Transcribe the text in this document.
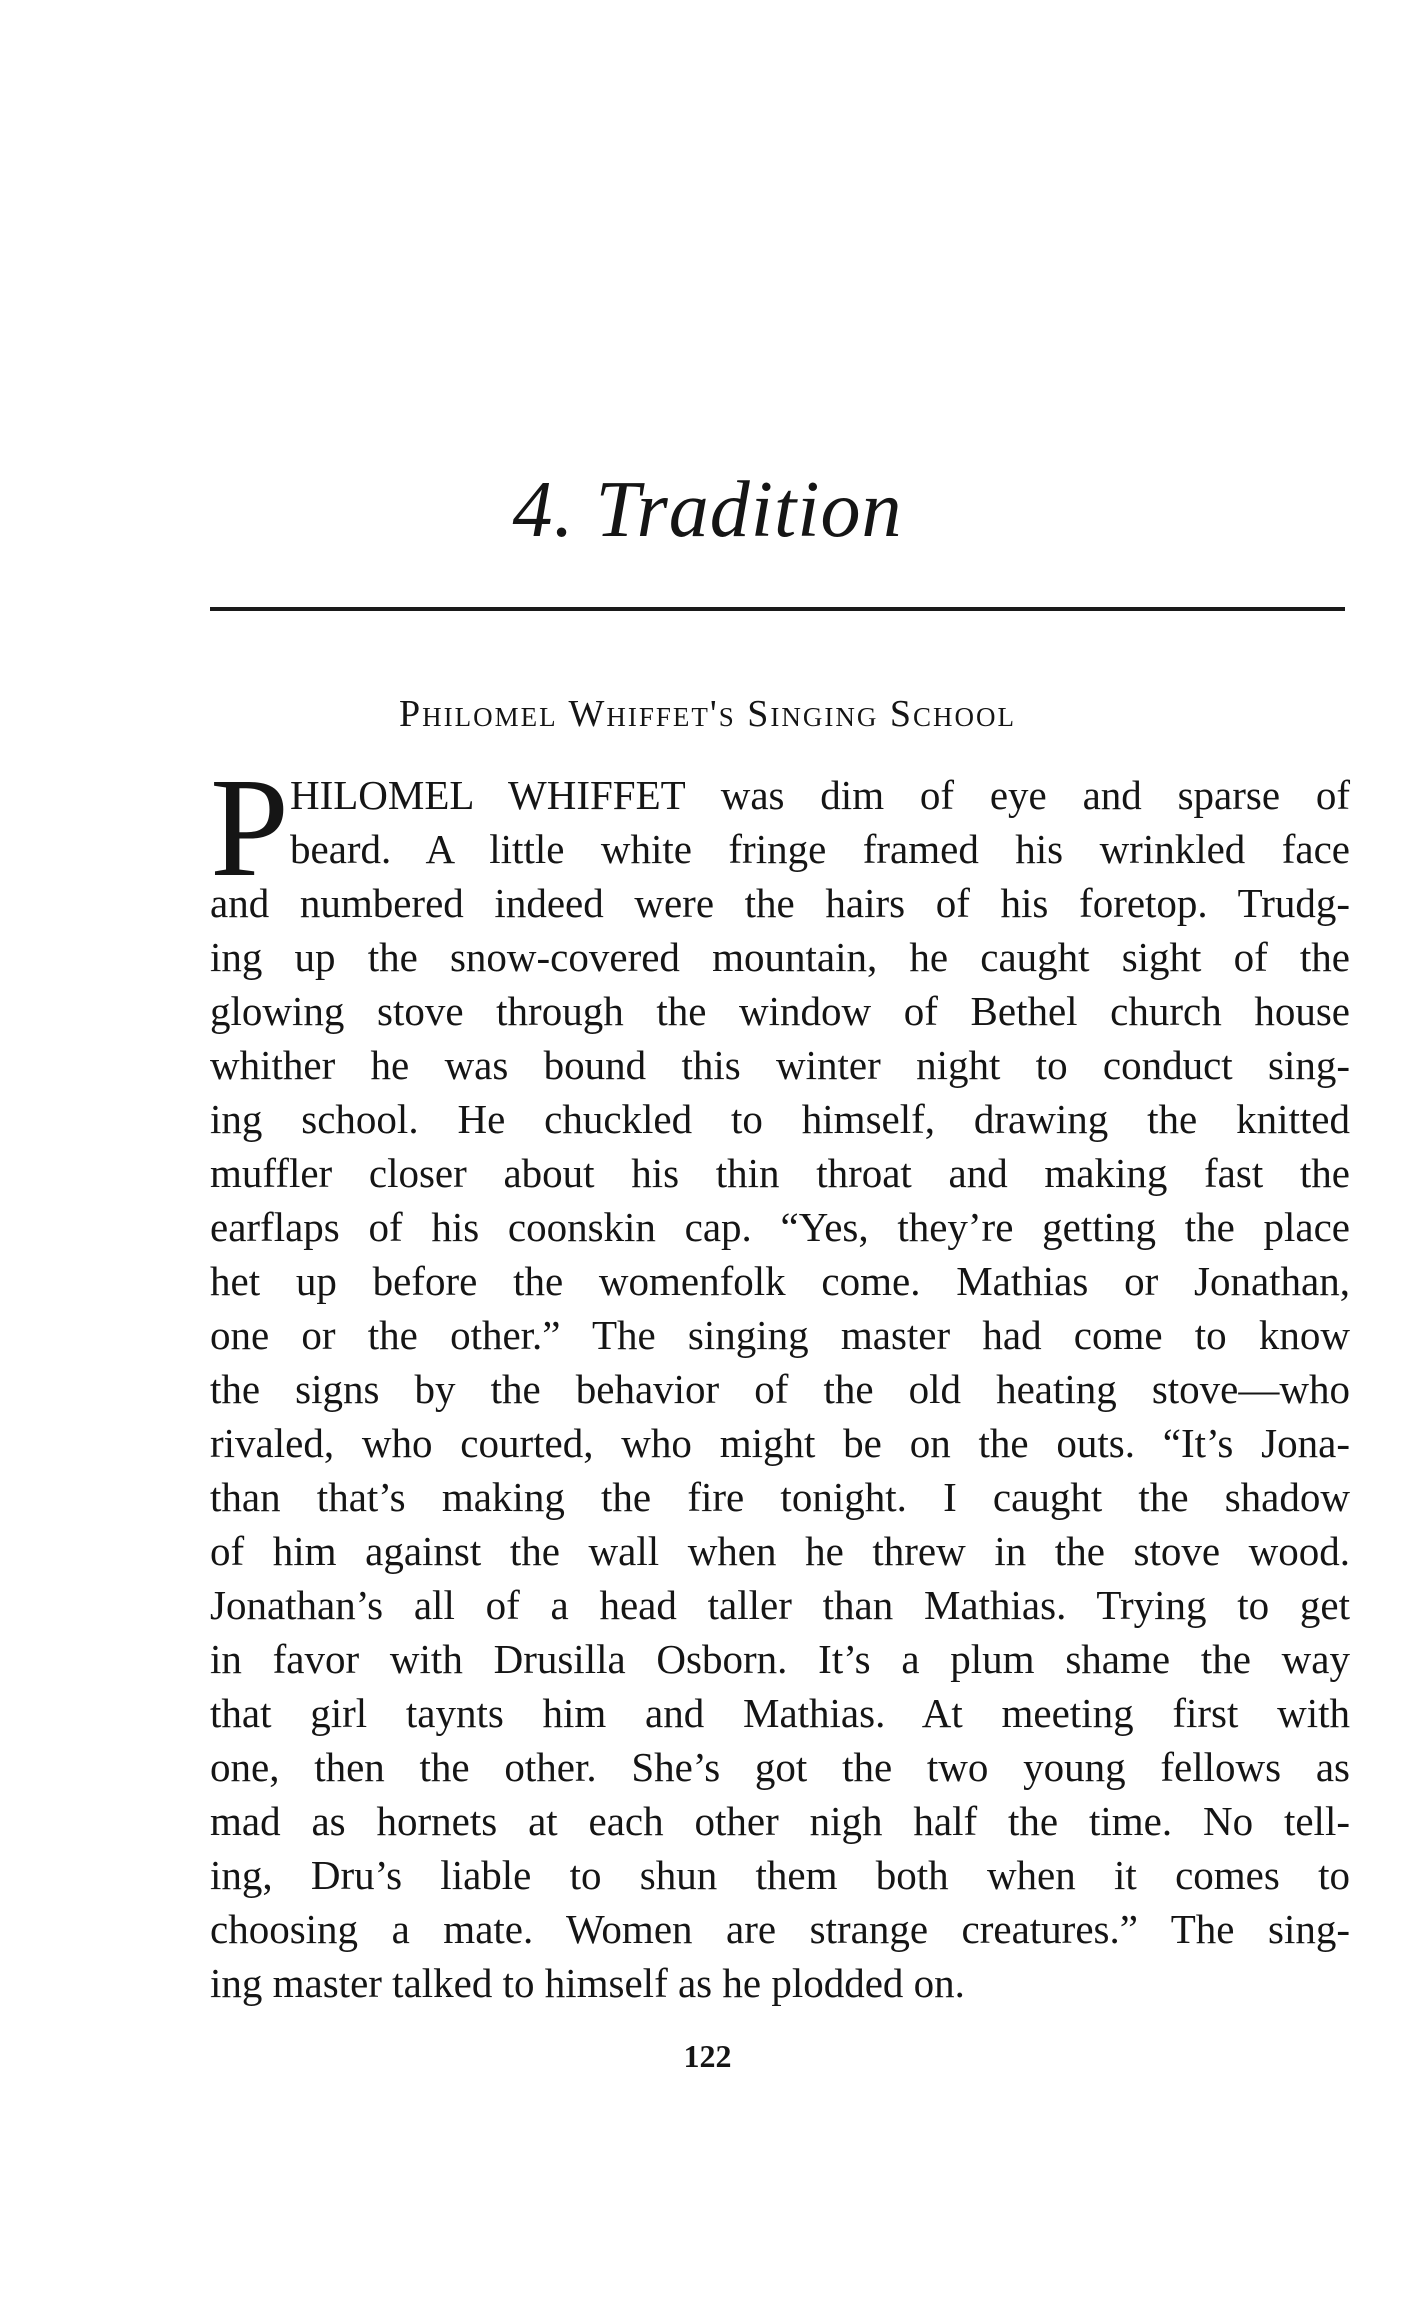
4. Tradition
Philomel Whiffet's Singing School
P HILOMEL WHIFFET was dim of eye and sparse of
beard. A little white fringe framed his wrinkled face
and numbered indeed were the hairs of his foretop. Trudg-
ing up the snow-covered mountain, he caught sight of the
glowing stove through the window of Bethel church house
whither he was bound this winter night to conduct sing-
ing school. He chuckled to himself, drawing the knitted
muffler closer about his thin throat and making fast the
earflaps of his coonskin cap. “Yes, they’re getting the place
het up before the womenfolk come. Mathias or Jonathan,
one or the other.” The singing master had come to know
the signs by the behavior of the old heating stove—who
rivaled, who courted, who might be on the outs. “It’s Jona-
than that’s making the fire tonight. I caught the shadow
of him against the wall when he threw in the stove wood.
Jonathan’s all of a head taller than Mathias. Trying to get
in favor with Drusilla Osborn. It’s a plum shame the way
that girl taynts him and Mathias. At meeting first with
one, then the other. She’s got the two young fellows as
mad as hornets at each other nigh half the time. No tell-
ing, Dru’s liable to shun them both when it comes to
choosing a mate. Women are strange creatures.” The sing-
ing master talked to himself as he plodded on.
122
